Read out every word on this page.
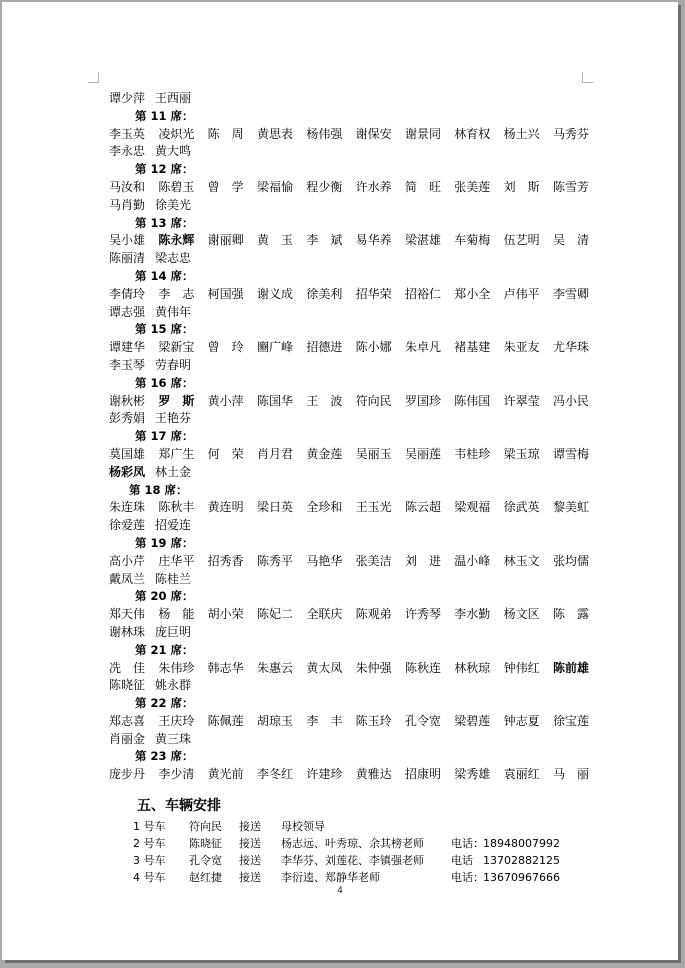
谭少萍 王西丽
第 11 席：
李玉英 凌炽光 陈　周 黄思表 杨伟强 谢保安 谢景同 林育权 杨土兴 马秀芬
李永忠 黄大鸣
第 12 席：
马汝和 陈碧玉 曾　学 梁福愉 程少衡 许水养 简　旺 张美莲 刘　斯 陈雪芳
马肖勤 徐美光
第 13 席：
吴小雄 陈永辉 谢丽卿 黄　玉 李　斌 易华养 梁湛雄 车菊梅 伍艺明 吴　清
陈丽清 梁志忠
第 14 席：
李倩玲 李　志 柯国强 谢义成 徐美利 招华荣 招裕仁 郑小全 卢伟平 李雪卿
谭志强 黄伟年
第 15 席：
谭建华 梁新宝 曾　玲 豳广峰 招德进 陈小娜 朱卓凡 褚基建 朱亚友 尤华珠
李玉琴 劳春明
第 16 席：
谢秋彬 罗　斯 黄小萍 陈国华 王　波 符向民 罗国珍 陈伟国 许翠莹 冯小民
彭秀娟 王艳芬
第 17 席：
莫国雄 郑广生 何　荣 肖月君 黄金莲 吴丽玉 吴丽莲 韦桂珍 梁玉琼 谭雪梅
杨彩凤 林土金
第 18 席：
朱连珠 陈秋丰 黄连明 梁日英 全珍和 王玉光 陈云超 梁观福 徐武英 黎美虹
徐爱莲 招爱连
第 19 席：
高小芹 庄华平 招秀香 陈秀平 马艳华 张美洁 刘　进 温小峰 林玉文 张均儒
戴凤兰 陈桂兰
第 20 席：
郑天伟 杨　能 胡小荣 陈妃二 全联庆 陈观弟 许秀琴 李水勤 杨文区 陈　露
谢林珠 庞巨明
第 21 席：
冼　佳 朱伟珍 韩志华 朱惠云 黄太凤 朱仲强 陈秋连 林秋琼 钟伟红 陈前雄
陈晓征 姚永群
第 22 席：
郑志喜 王庆玲 陈佩莲 胡琼玉 李　丰 陈玉玲 孔令宽 梁碧莲 钟志夏 徐宝莲
肖丽金 黄三珠
第 23 席：
庞步丹 李少清 黄光前 李冬红 许建珍 黄雅达 招康明 梁秀雄 袁丽红 马　丽
五、车辆安排
1 号车 符向民 接送 母校领导
2 号车 陈晓征 接送 杨志远、叶秀琼、余其榜老师 电话： 18948007992
3 号车 孔令宽 接送 李华芬、刘莲花、李镇强老师 电话 13702882125
4 号车 赵红捷 接送 李衍逵、郑静华老师	电话： 13670967666
4
